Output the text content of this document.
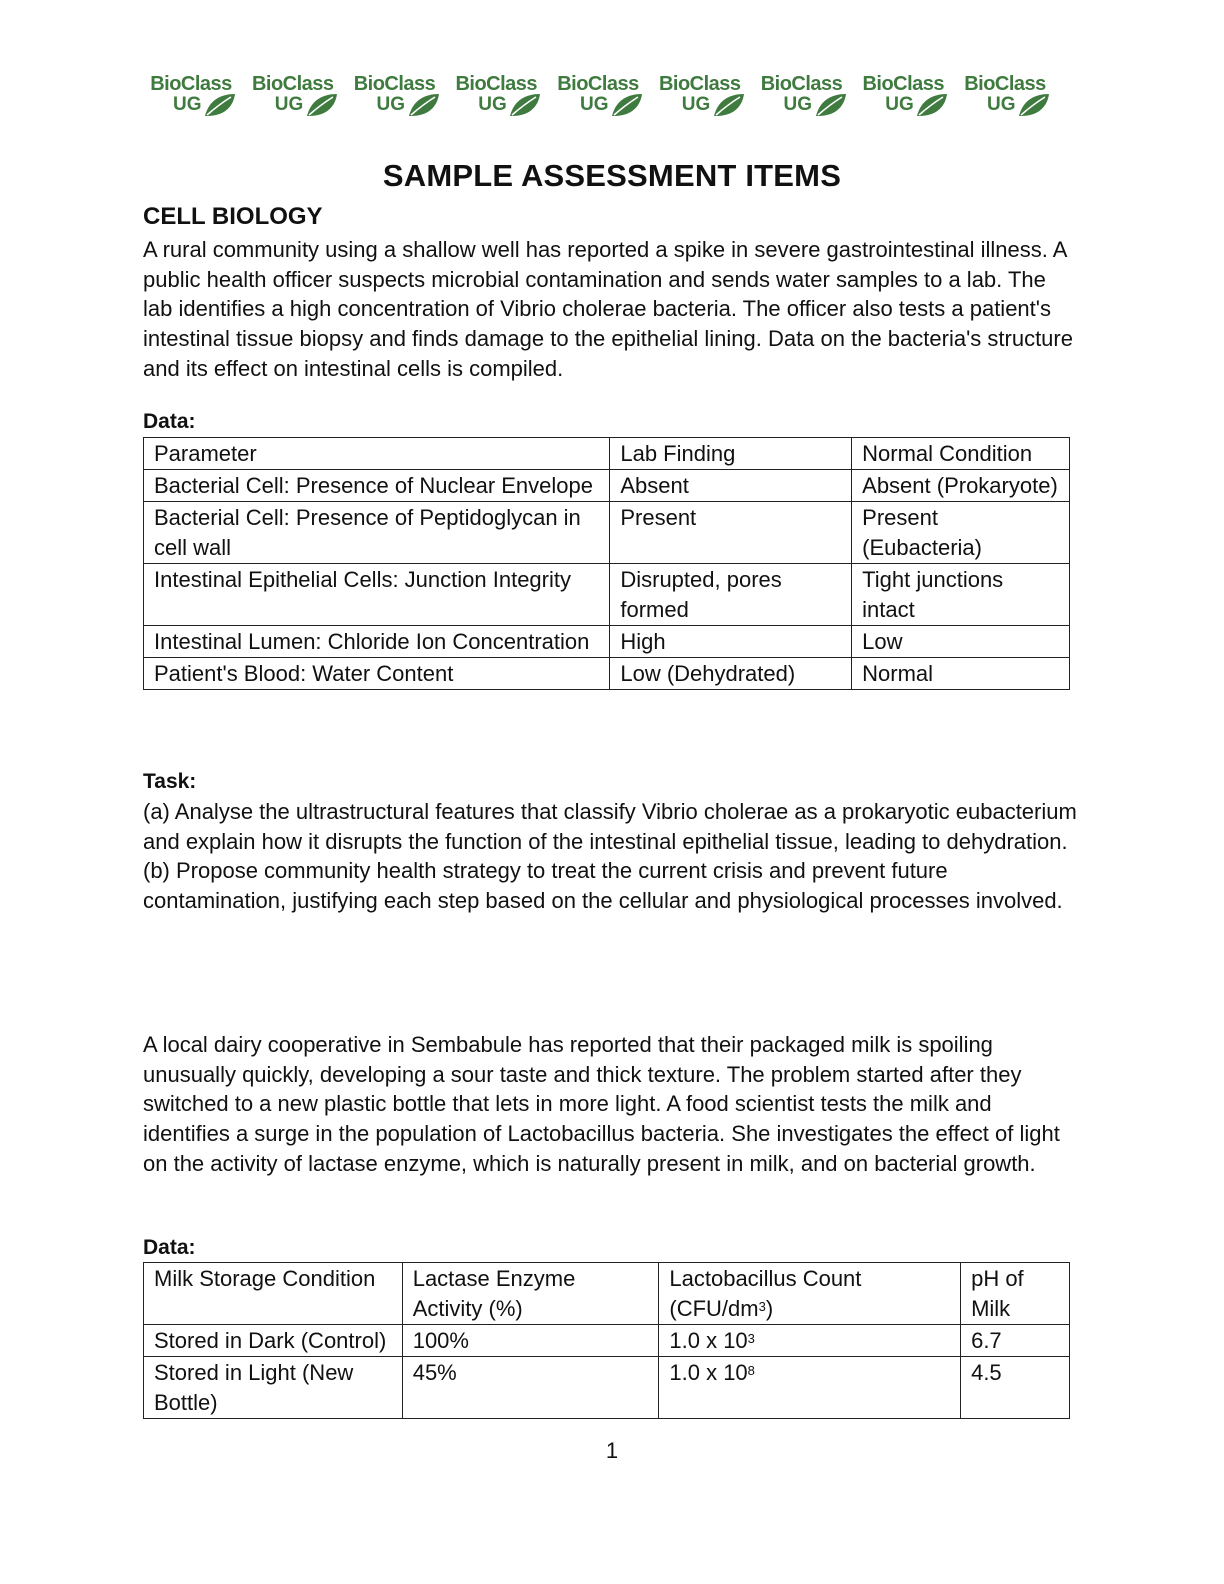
BioClass
UG
BioClass
UG
BioClass
UG
BioClass
UG
BioClass
UG
BioClass
UG
BioClass
UG
BioClass
UG
BioClass
UG
SAMPLE ASSESSMENT ITEMS
CELL BIOLOGY

A rural community using a shallow well has reported a spike in severe gastrointestinal illness. A public health officer suspects microbial contamination and sends water samples to a lab. The lab identifies a high concentration of Vibrio cholerae bacteria. The officer also tests a patient's intestinal tissue biopsy and finds damage to the epithelial lining. Data on the bacteria's structure and its effect on intestinal cells is compiled.

Data:
Parameter	Lab Finding	Normal Condition
Bacterial Cell: Presence of Nuclear Envelope	Absent	Absent (Prokaryote)
Bacterial Cell: Presence of Peptidoglycan in cell wall	Present	Present (Eubacteria)
Intestinal Epithelial Cells: Junction Integrity	Disrupted, pores formed	Tight junctions intact
Intestinal Lumen: Chloride Ion Concentration	High	Low
Patient's Blood: Water Content	Low (Dehydrated)	Normal
Task:

(a) Analyse the ultrastructural features that classify Vibrio cholerae as a prokaryotic eubacterium and explain how it disrupts the function of the intestinal epithelial tissue, leading to dehydration.

(b) Propose community health strategy to treat the current crisis and prevent future contamination, justifying each step based on the cellular and physiological processes involved.

A local dairy cooperative in Sembabule has reported that their packaged milk is spoiling unusually quickly, developing a sour taste and thick texture. The problem started after they switched to a new plastic bottle that lets in more light. A food scientist tests the milk and identifies a surge in the population of Lactobacillus bacteria. She investigates the effect of light on the activity of lactase enzyme, which is naturally present in milk, and on bacterial growth.

Data:
Milk Storage Condition	Lactase Enzyme Activity (%)	Lactobacillus Count $(CFU/dm^3)$	pH of Milk
Stored in Dark (Control)	100%	1.0 x $10^3$	6.7
Stored in Light (New Bottle)	45%	1.0 x $10^8$	4.5
1
